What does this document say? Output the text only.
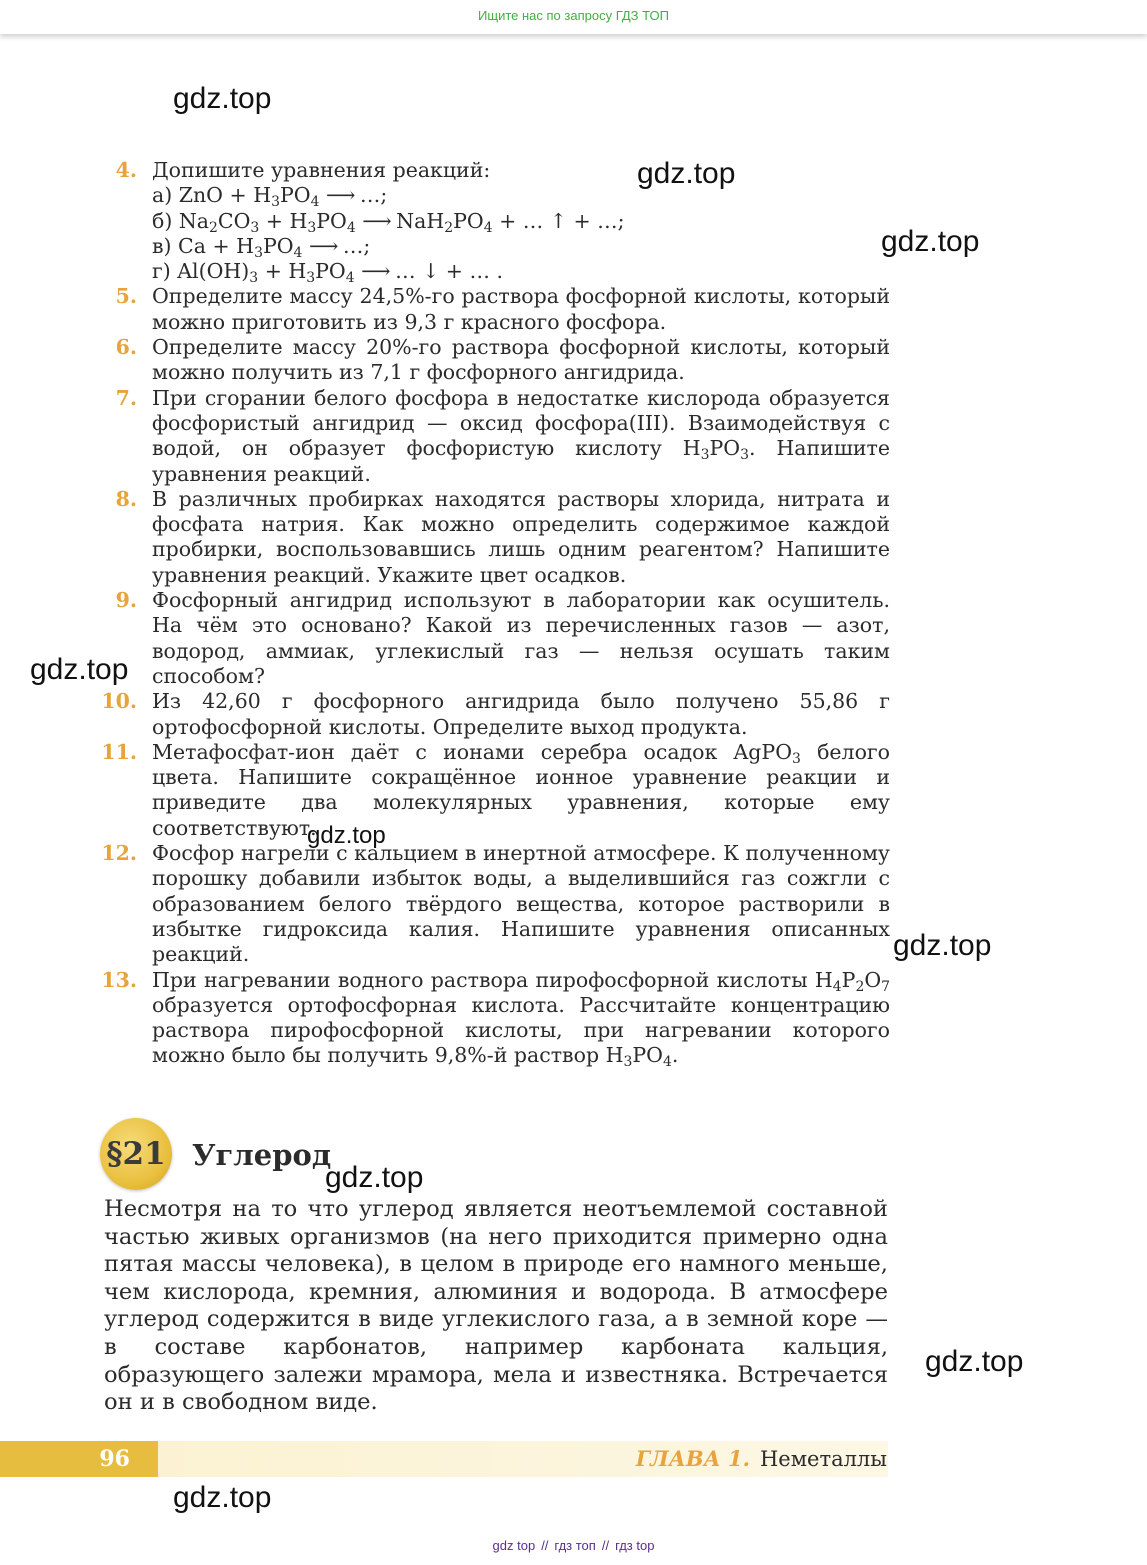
Ищите нас по запросу ГДЗ ТОП
4. Допишите уравнения реакций:
а) ZnO + $H_3PO_4$ ⟶ …;
б) $Na_2CO_3 + H_3PO_4$ ⟶ $NaH_2PO_4$ + … ↑ + …;
в) $Ca + H_3PO_4$ ⟶ …;
г) $Al(OH)_3 + H_3PO_4$ ⟶ … ↓ + … .
5. Определите массу 24,5%-го раствора фосфорной кислоты, который можно приготовить из 9,3 г красного фосфора.
6. Определите массу 20%-го раствора фосфорной кислоты, который можно получить из 7,1 г фосфорного ангидрида.
7. При сгорании белого фосфора в недостатке кислорода образуется фосфористый ангидрид — оксид фосфора(III). Взаимодействуя с водой, он образует фосфористую кислоту $H_3PO_3$. Напишите уравнения реакций.
8. В различных пробирках находятся растворы хлорида, нитрата и фосфата натрия. Как можно определить содержимое каждой пробирки, воспользовавшись лишь одним реагентом? Напишите уравнения реакций. Укажите цвет осадков.
9. Фосфорный ангидрид используют в лаборатории как осушитель. На чём это основано? Какой из перечисленных газов — азот, водород, аммиак, углекислый газ — нельзя осушать таким способом?
10. Из 42,60 г фосфорного ангидрида было получено 55,86 г ортофосфорной кислоты. Определите выход продукта.
11. Метафосфат-ион даёт с ионами серебра осадок AgPO$_3$ белого цвета. Напишите сокращённое ионное уравнение реакции и приведите два молекулярных уравнения, которые ему соответствуют.
12. Фосфор нагрели с кальцием в инертной атмосфере. К полученному порошку добавили избыток воды, а выделившийся газ сожгли с образованием белого твёрдого вещества, которое растворили в избытке гидроксида калия. Напишите уравнения описанных реакций.
13. При нагревании водного раствора пирофосфорной кислоты $H_4P_2O_7$ образуется ортофосфорная кислота. Рассчитайте концентрацию раствора пирофосфорной кислоты, при нагревании которого можно было бы получить 9,8%-й раствор $H_3PO_4$.
§21 Углерод
Несмотря на то что углерод является неотъемлемой составной частью живых организмов (на него приходится примерно одна пятая массы человека), в целом в природе его намного меньше, чем кислорода, кремния, алюминия и водорода. В атмосфере углерод содержится в виде углекислого газа, а в земной коре — в составе карбонатов, например карбоната кальция, образующего залежи мрамора, мела и известняка. Встречается он и в свободном виде.
96	ГЛАВА 1. Неметаллы
gdz.top
gdz.top
gdz.top
gdz.top
gdz.top
gdz.top
gdz.top
gdz.top
gdz.top
gdz top // гдз топ // гдз top
